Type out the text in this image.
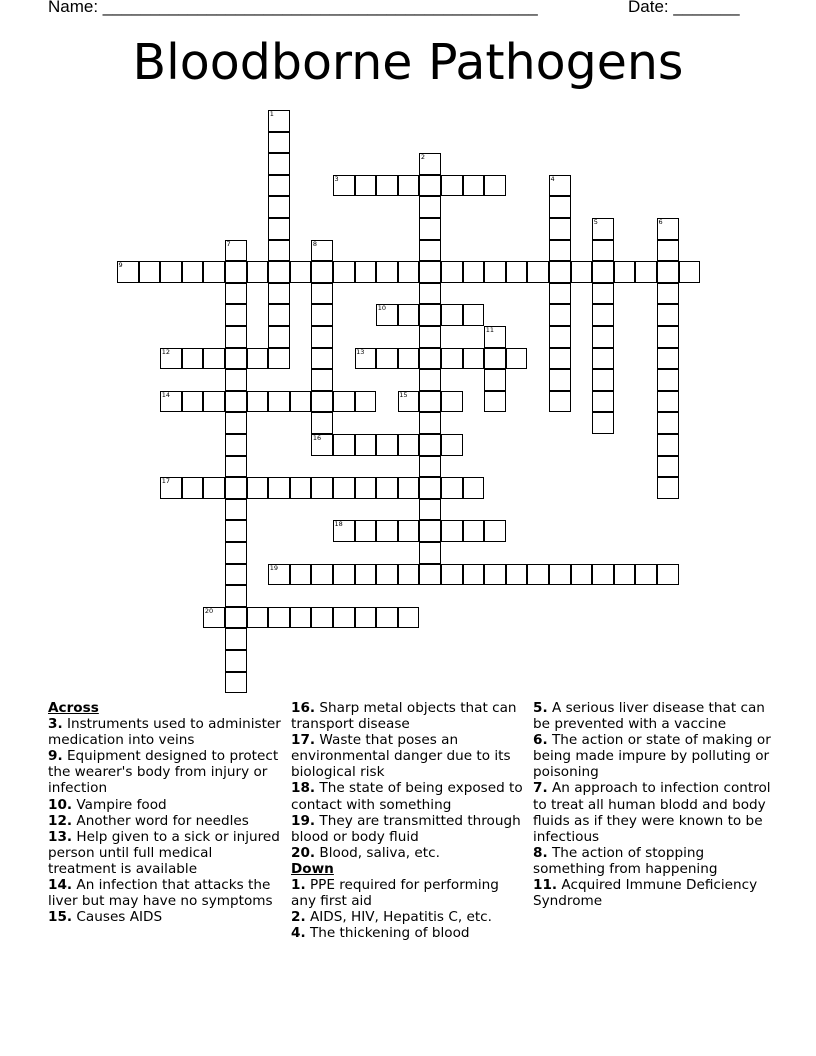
Name: ______________________________________________	Date: _______
Bloodborne Pathogens
1
2
3	4
5	6
7	8
9
10
11
12	13
14	15
16
17
18
19
20
Across
3. Instruments used to administer medication into veins
9. Equipment designed to protect the wearer's body from injury or infection
10. Vampire food
12. Another word for needles
13. Help given to a sick or injured person until full medical treatment is available
14. An infection that attacks the liver but may have no symptoms
15. Causes AIDS
16. Sharp metal objects that can transport disease
17. Waste that poses an environmental danger due to its biological risk
18. The state of being exposed to contact with something
19. They are transmitted through blood or body fluid
20. Blood, saliva, etc.
Down
1. PPE required for performing any first aid
2. AIDS, HIV, Hepatitis C, etc.
4. The thickening of blood
5. A serious liver disease that can be prevented with a vaccine
6. The action or state of making or being made impure by polluting or poisoning
7. An approach to infection control to treat all human blodd and body fluids as if they were known to be infectious
8. The action of stopping something from happening
11. Acquired Immune Deficiency Syndrome
